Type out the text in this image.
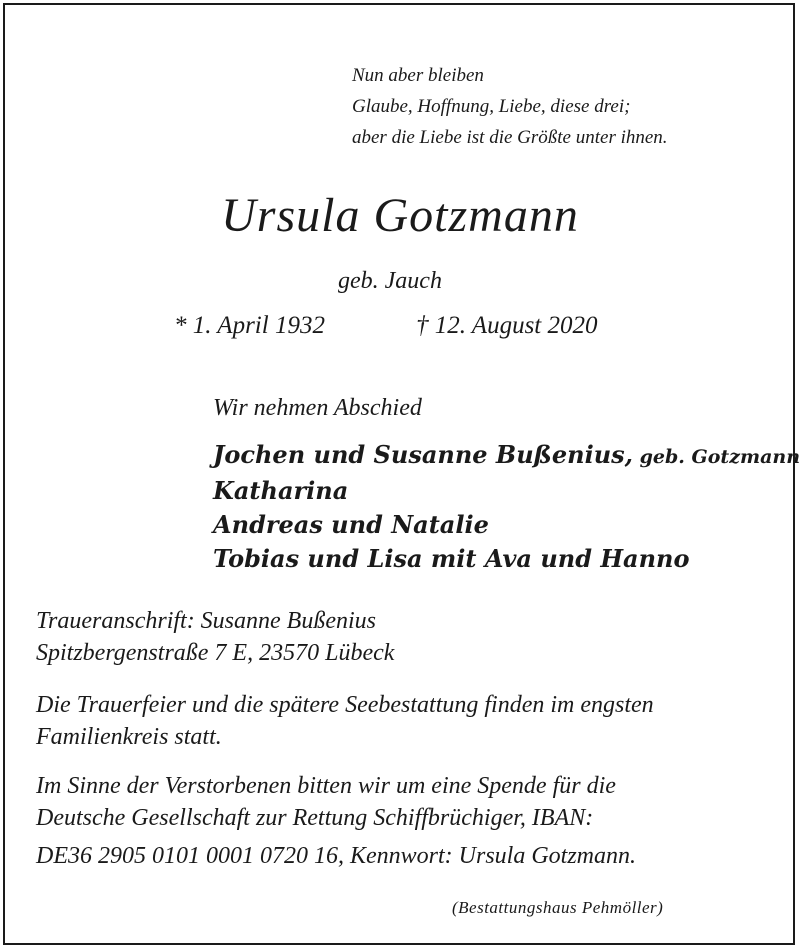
Nun aber bleiben
Glaube, Hoffnung, Liebe, diese drei;
aber die Liebe ist die Größte unter ihnen.
Ursula Gotzmann
geb. Jauch
* 1. April 1932	† 12. August 2020
Wir nehmen Abschied
Jochen und Susanne Bußenius, geb. Gotzmann
Katharina
Andreas und Natalie
Tobias und Lisa mit Ava und Hanno
Traueranschrift: Susanne Bußenius
Spitzbergenstraße 7 E, 23570 Lübeck
Die Trauerfeier und die spätere Seebestattung finden im engsten
Familienkreis statt.
Im Sinne der Verstorbenen bitten wir um eine Spende für die
Deutsche Gesellschaft zur Rettung Schiffbrüchiger, IBAN:
DE36 2905 0101 0001 0720 16, Kennwort: Ursula Gotzmann.
(Bestattungshaus Pehmöller)
